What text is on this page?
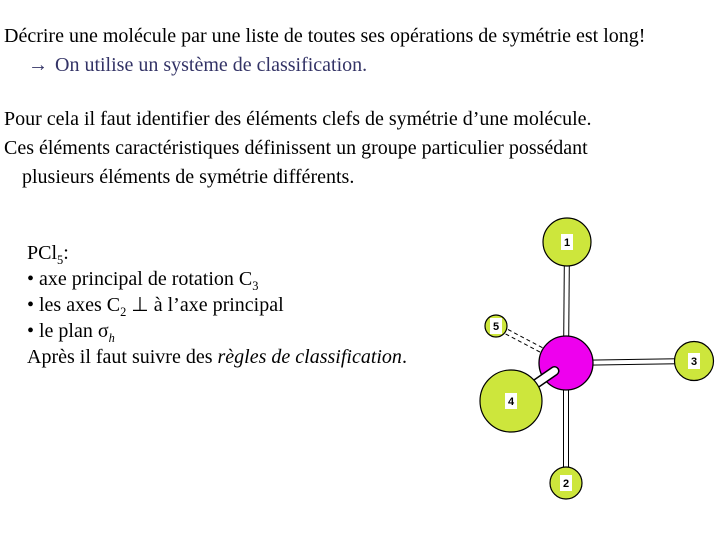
Décrire une molécule par une liste de toutes ses opérations de symétrie est long!
→ On utilise un système de classification.
Pour cela il faut identifier des éléments clefs de symétrie d’une molécule.
Ces éléments caractéristiques définissent un groupe particulier possédant
plusieurs éléments de symétrie différents.
PCl$_5$:
• axe principal de rotation $C_3$
• les axes $C_2$ ⊥ à l’axe principal
• le plan $\sigma_h$
Après il faut suivre des règles de classification.
1
2
3
4
5
